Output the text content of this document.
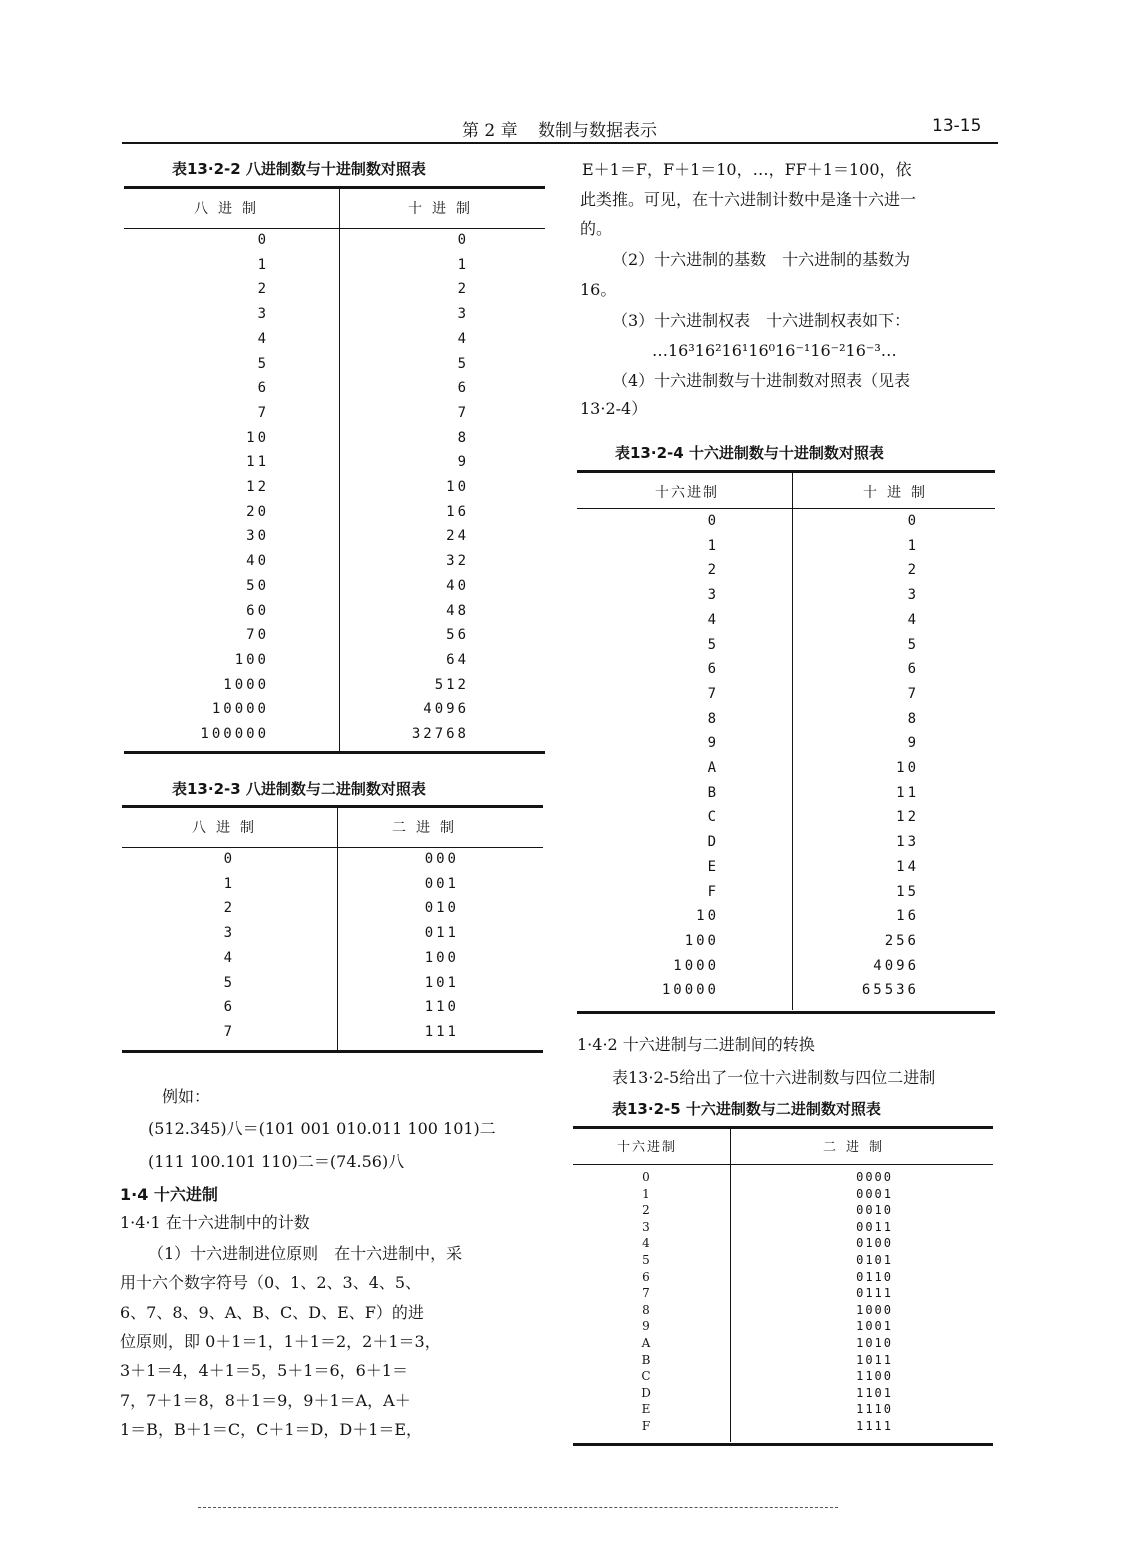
第 2 章 数制与数据表示	13-15
表13·2-2 八进制数与十进制数对照表
八进制	十进制
0	0
1	1
2	2
3	3
4	4
5	5
6	6
7	7
10	8
11	9
12	10
20	16
30	24
40	32
50	40
60	48
70	56
100	64
1000	512
10000	4096
100000	32768
表13·2-3 八进制数与二进制数对照表
八进制	二进制
0	000
1	001
2	010
3	011
4	100
5	101
6	110
7	111
例如：
(512.345)八＝(101 001 010.011 100 101)二
(111 100.101 110)二＝(74.56)八
1·4 十六进制
1·4·1 在十六进制中的计数
（1）十六进制进位原则　在十六进制中，采
用十六个数字符号（0、1、2、3、4、5、
6、7、8、9、A、B、C、D、E、F）的进
位原则，即 0＋1＝1，1＋1＝2，2＋1＝3，
3＋1＝4，4＋1＝5，5＋1＝6，6＋1＝
7，7＋1＝8，8＋1＝9，9＋1＝A，A＋
1＝B，B＋1＝C，C＋1＝D，D＋1＝E，
E＋1＝F，F＋1＝10，…，FF＋1＝100，依
此类推。可见，在十六进制计数中是逢十六进一
的。
（2）十六进制的基数　十六进制的基数为
16。
（3）十六进制权表　十六进制权表如下：
…16³16²16¹16⁰16⁻¹16⁻²16⁻³…
（4）十六进制数与十进制数对照表（见表
13·2-4）
表13·2-4 十六进制数与十进制数对照表
十六进制	十进制
0	0
1	1
2	2
3	3
4	4
5	5
6	6
7	7
8	8
9	9
A	10
B	11
C	12
D	13
E	14
F	15
10	16
100	256
1000	4096
10000	65536
1·4·2 十六进制与二进制间的转换
表13·2-5给出了一位十六进制数与四位二进制
表13·2-5 十六进制数与二进制数对照表
十六进制	二进制
0	0000
1	0001
2	0010
3	0011
4	0100
5	0101
6	0110
7	0111
8	1000
9	1001
A	1010
B	1011
C	1100
D	1101
E	1110
F	1111
